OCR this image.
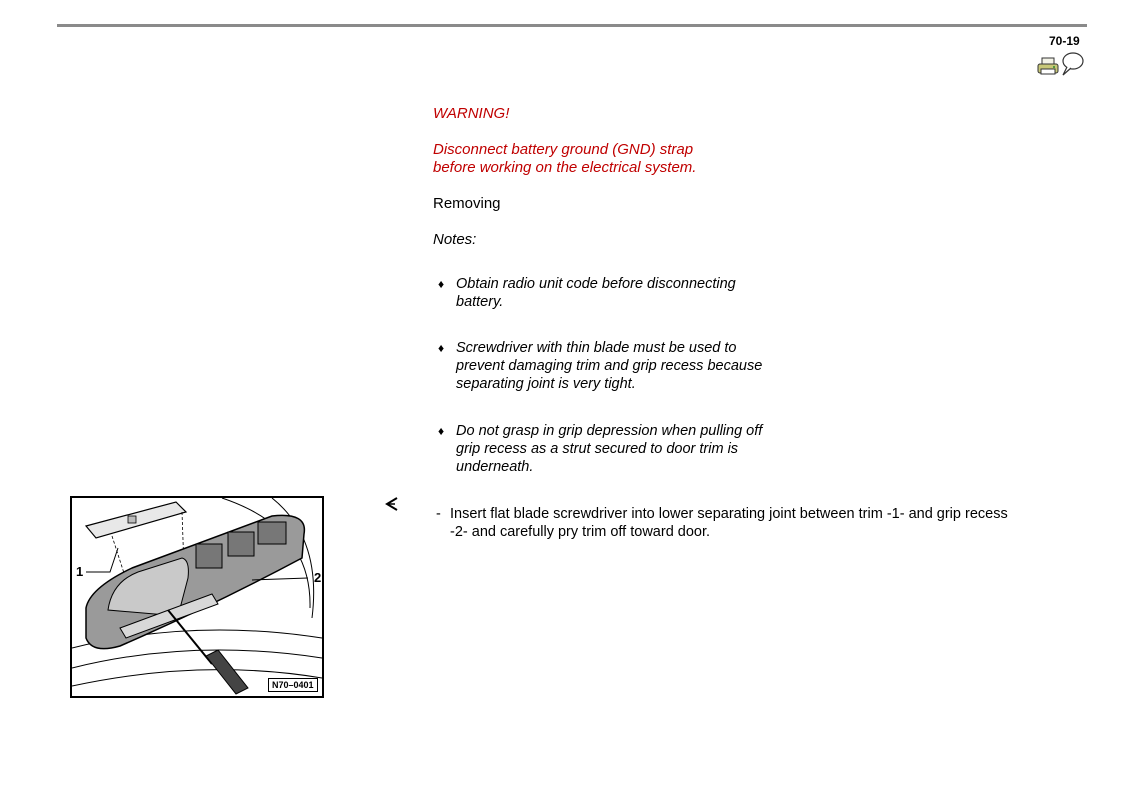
70-19
WARNING!
Disconnect battery ground (GND) strap
before working on the electrical system.
Removing
Notes:
♦ Obtain radio unit code before disconnecting
battery.
♦ Screwdriver with thin blade must be used to
prevent damaging trim and grip recess because
separating joint is very tight.
♦ Do not grasp in grip depression when pulling off
grip recess as a strut secured to door trim is
underneath.
- Insert flat blade screwdriver into lower separating joint between trim -1- and grip recess
-2- and carefully pry trim off toward door.
1	2
N70–0401
